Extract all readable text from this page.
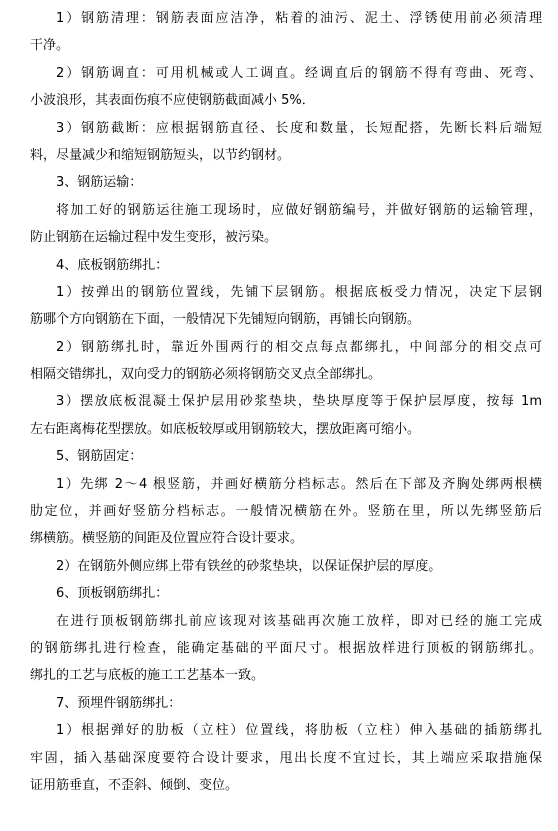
1）钢筋清理：钢筋表面应洁净，粘着的油污、泥土、浮锈使用前必须清理
干净。
2）钢筋调直：可用机械或人工调直。经调直后的钢筋不得有弯曲、死弯、
小波浪形，其表面伤痕不应使钢筋截面减小 5%．
3）钢筋截断：应根据钢筋直径、长度和数量，长短配搭，先断长料后端短
料，尽量减少和缩短钢筋短头，以节约钢材。
3、钢筋运输：
将加工好的钢筋运往施工现场时，应做好钢筋编号，并做好钢筋的运输管理，
防止钢筋在运输过程中发生变形，被污染。
4、底板钢筋绑扎：
1）按弹出的钢筋位置线，先铺下层钢筋。根据底板受力情况，决定下层钢
筋哪个方向钢筋在下面，一般情况下先铺短向钢筋，再铺长向钢筋。
2）钢筋绑扎时，靠近外围两行的相交点每点都绑扎，中间部分的相交点可
相隔交错绑扎，双向受力的钢筋必须将钢筋交叉点全部绑扎。
3）摆放底板混凝土保护层用砂浆垫块，垫块厚度等于保护层厚度，按每 1m
左右距离梅花型摆放。如底板较厚或用钢筋较大，摆放距离可缩小。
5、钢筋固定：
1）先绑 2～4 根竖筋，并画好横筋分档标志。然后在下部及齐胸处绑两根横
肋定位，并画好竖筋分档标志。一般情况横筋在外。竖筋在里，所以先绑竖筋后
绑横筋。横竖筋的间距及位置应符合设计要求。
2）在钢筋外侧应绑上带有铁丝的砂浆垫块，以保证保护层的厚度。
6、顶板钢筋绑扎：
在进行顶板钢筋绑扎前应该现对该基础再次施工放样，即对已经的施工完成
的钢筋绑扎进行检查，能确定基础的平面尺寸。根据放样进行顶板的钢筋绑扎。
绑扎的工艺与底板的施工工艺基本一致。
7、预埋件钢筋绑扎：
1）根据弹好的肋板（立柱）位置线，将肋板（立柱）伸入基础的插筋绑扎
牢固，插入基础深度要符合设计要求，甩出长度不宜过长，其上端应采取措施保
证用筋垂直，不歪斜、倾倒、变位。
